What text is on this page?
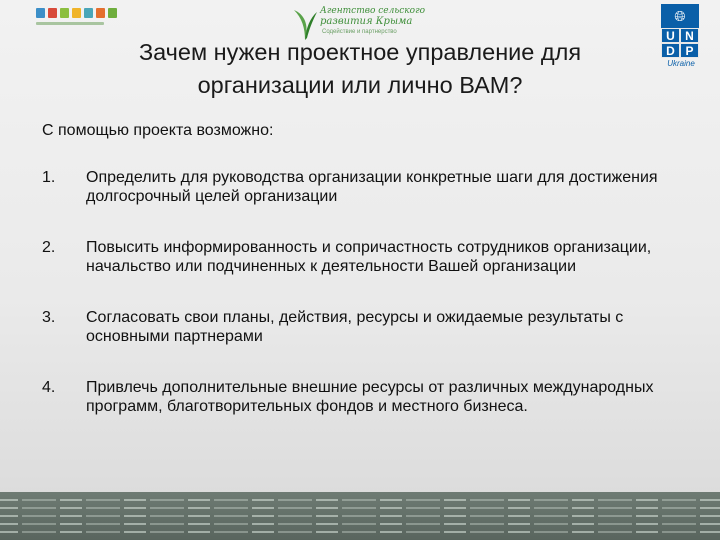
Агентство сельского
развития Крыма
Содействие и партнерство
🌐︎
U N
D P
Ukraine
Зачем нужен проектное управление для организации или лично ВАМ?
С помощью проекта возможно:
1.	Определить для руководства организации конкретные шаги для достижения долгосрочный целей организации
2.	Повысить информированность и сопричастность сотрудников организации, начальство или подчиненных к деятельности Вашей организации
3.	Согласовать свои планы, действия, ресурсы и ожидаемые результаты с основными партнерами
4.	Привлечь дополнительные внешние ресурсы от различных международных программ, благотворительных фондов и местного бизнеса.
